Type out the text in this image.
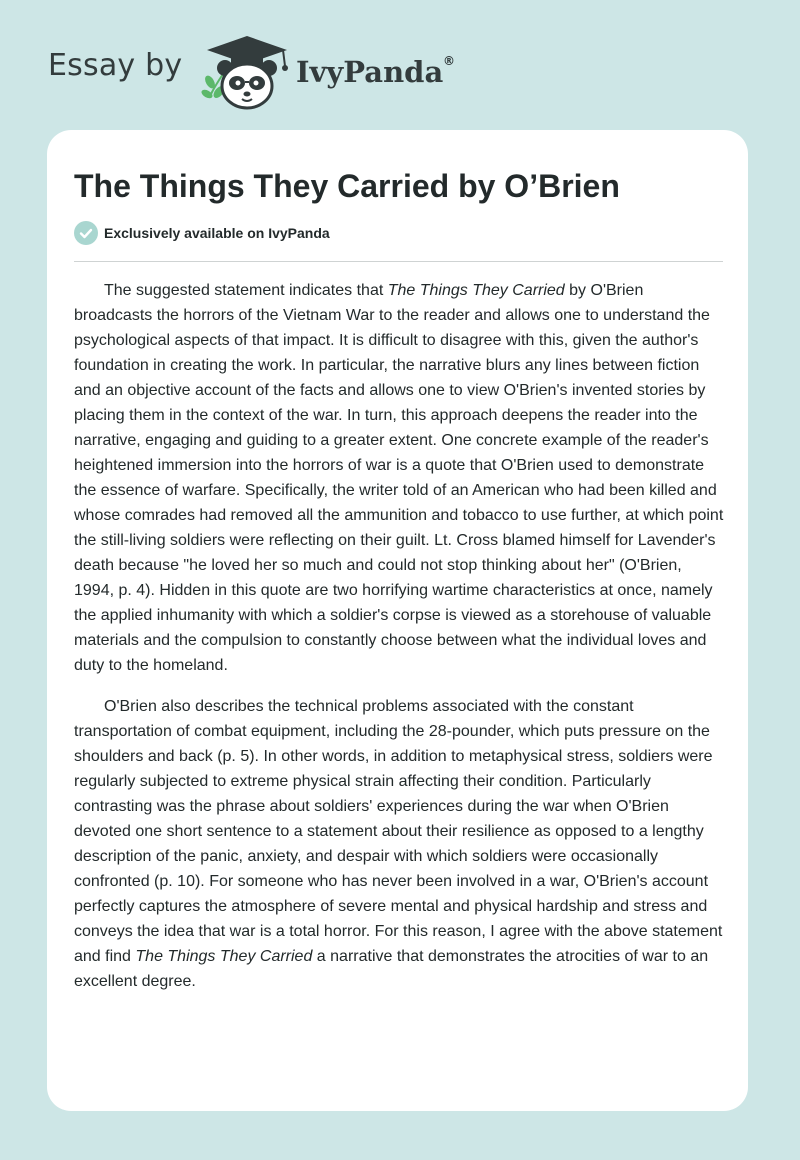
Essay by	IvyPanda ®
The Things They Carried by O’Brien
Exclusively available on IvyPanda

The suggested statement indicates that The Things They Carried by O'Brien broadcasts the horrors of the Vietnam War to the reader and allows one to understand the psychological aspects of that impact. It is difficult to disagree with this, given the author's foundation in creating the work. In particular, the narrative blurs any lines between fiction and an objective account of the facts and allows one to view O'Brien's invented stories by placing them in the context of the war. In turn, this approach deepens the reader into the narrative, engaging and guiding to a greater extent. One concrete example of the reader's heightened immersion into the horrors of war is a quote that O'Brien used to demonstrate the essence of warfare. Specifically, the writer told of an American who had been killed and whose comrades had removed all the ammunition and tobacco to use further, at which point the still-living soldiers were reflecting on their guilt. Lt. Cross blamed himself for Lavender's death because "he loved her so much and could not stop thinking about her" (O'Brien, 1994, p. 4). Hidden in this quote are two horrifying wartime characteristics at once, namely the applied inhumanity with which a soldier's corpse is viewed as a storehouse of valuable materials and the compulsion to constantly choose between what the individual loves and duty to the homeland.

O'Brien also describes the technical problems associated with the constant transportation of combat equipment, including the 28-pounder, which puts pressure on the shoulders and back (p. 5). In other words, in addition to metaphysical stress, soldiers were regularly subjected to extreme physical strain affecting their condition. Particularly contrasting was the phrase about soldiers' experiences during the war when O'Brien devoted one short sentence to a statement about their resilience as opposed to a lengthy description of the panic, anxiety, and despair with which soldiers were occasionally confronted (p. 10). For someone who has never been involved in a war, O'Brien's account perfectly captures the atmosphere of severe mental and physical hardship and stress and conveys the idea that war is a total horror. For this reason, I agree with the above statement and find The Things They Carried a narrative that demonstrates the atrocities of war to an excellent degree.
